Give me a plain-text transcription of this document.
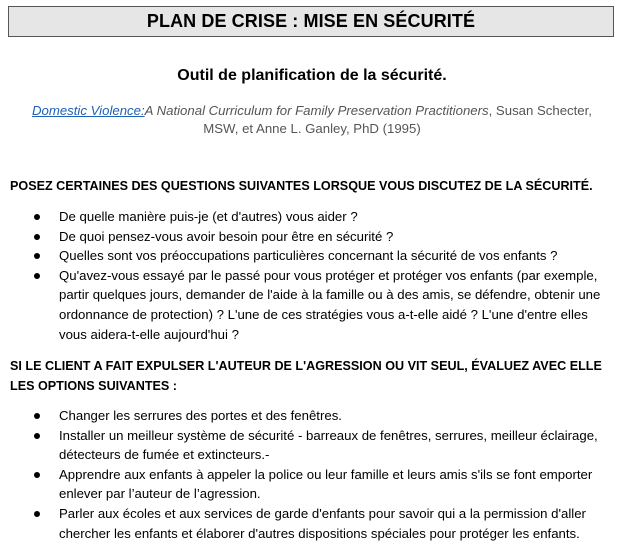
PLAN DE CRISE : MISE EN SÉCURITÉ
Outil de planification de la sécurité.
Domestic Violence:A National Curriculum for Family Preservation Practitioners, Susan Schecter, MSW, et Anne L. Ganley, PhD (1995)
POSEZ CERTAINES DES QUESTIONS SUIVANTES LORSQUE VOUS DISCUTEZ DE LA SÉCURITÉ.
De quelle manière puis-je (et d'autres) vous aider ?
De quoi pensez-vous avoir besoin pour être en sécurité ?
Quelles sont vos préoccupations particulières concernant la sécurité de vos enfants ?
Qu'avez-vous essayé par le passé pour vous protéger et protéger vos enfants (par exemple, partir quelques jours, demander de l'aide à la famille ou à des amis, se défendre, obtenir une ordonnance de protection) ? L'une de ces stratégies vous a-t-elle aidé ? L'une d'entre elles vous aidera-t-elle aujourd'hui ?
SI LE CLIENT A FAIT EXPULSER L'AUTEUR DE L'AGRESSION OU VIT SEUL, ÉVALUEZ AVEC ELLE LES OPTIONS SUIVANTES :
Changer les serrures des portes et des fenêtres.
Installer un meilleur système de sécurité - barreaux de fenêtres, serrures, meilleur éclairage, détecteurs de fumée et extincteurs.-
Apprendre aux enfants à appeler la police ou leur famille et leurs amis s'ils se font emporter enlever par l’auteur de l’agression.
Parler aux écoles et aux services de garde d'enfants pour savoir qui a la permission d'aller chercher les enfants et élaborer d'autres dispositions spéciales pour protéger les enfants.
